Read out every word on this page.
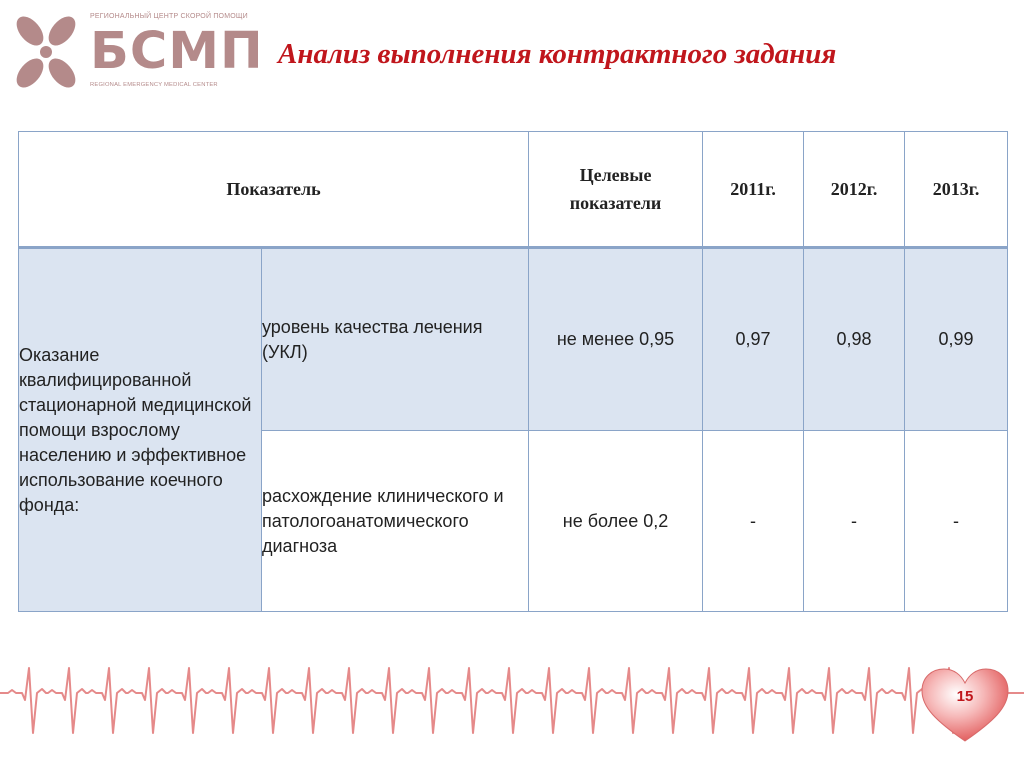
РЕГИОНАЛЬНЫЙ ЦЕНТР СКОРОЙ ПОМОЩИ
БСМП
REGIONAL EMERGENCY MEDICAL CENTER
Анализ выполнения контрактного задания
Показатель		Целевые показатели	2011г.	2012г.	2013г.
Оказание квалифицированной стационарной медицинской помощи взрослому населению и эффективное использование коечного фонда:	уровень качества лечения (УКЛ)	не менее 0,95	0,97	0,98	0,99
	расхождение клинического и патологоанатомического диагноза	не более 0,2	-	-	-
15
